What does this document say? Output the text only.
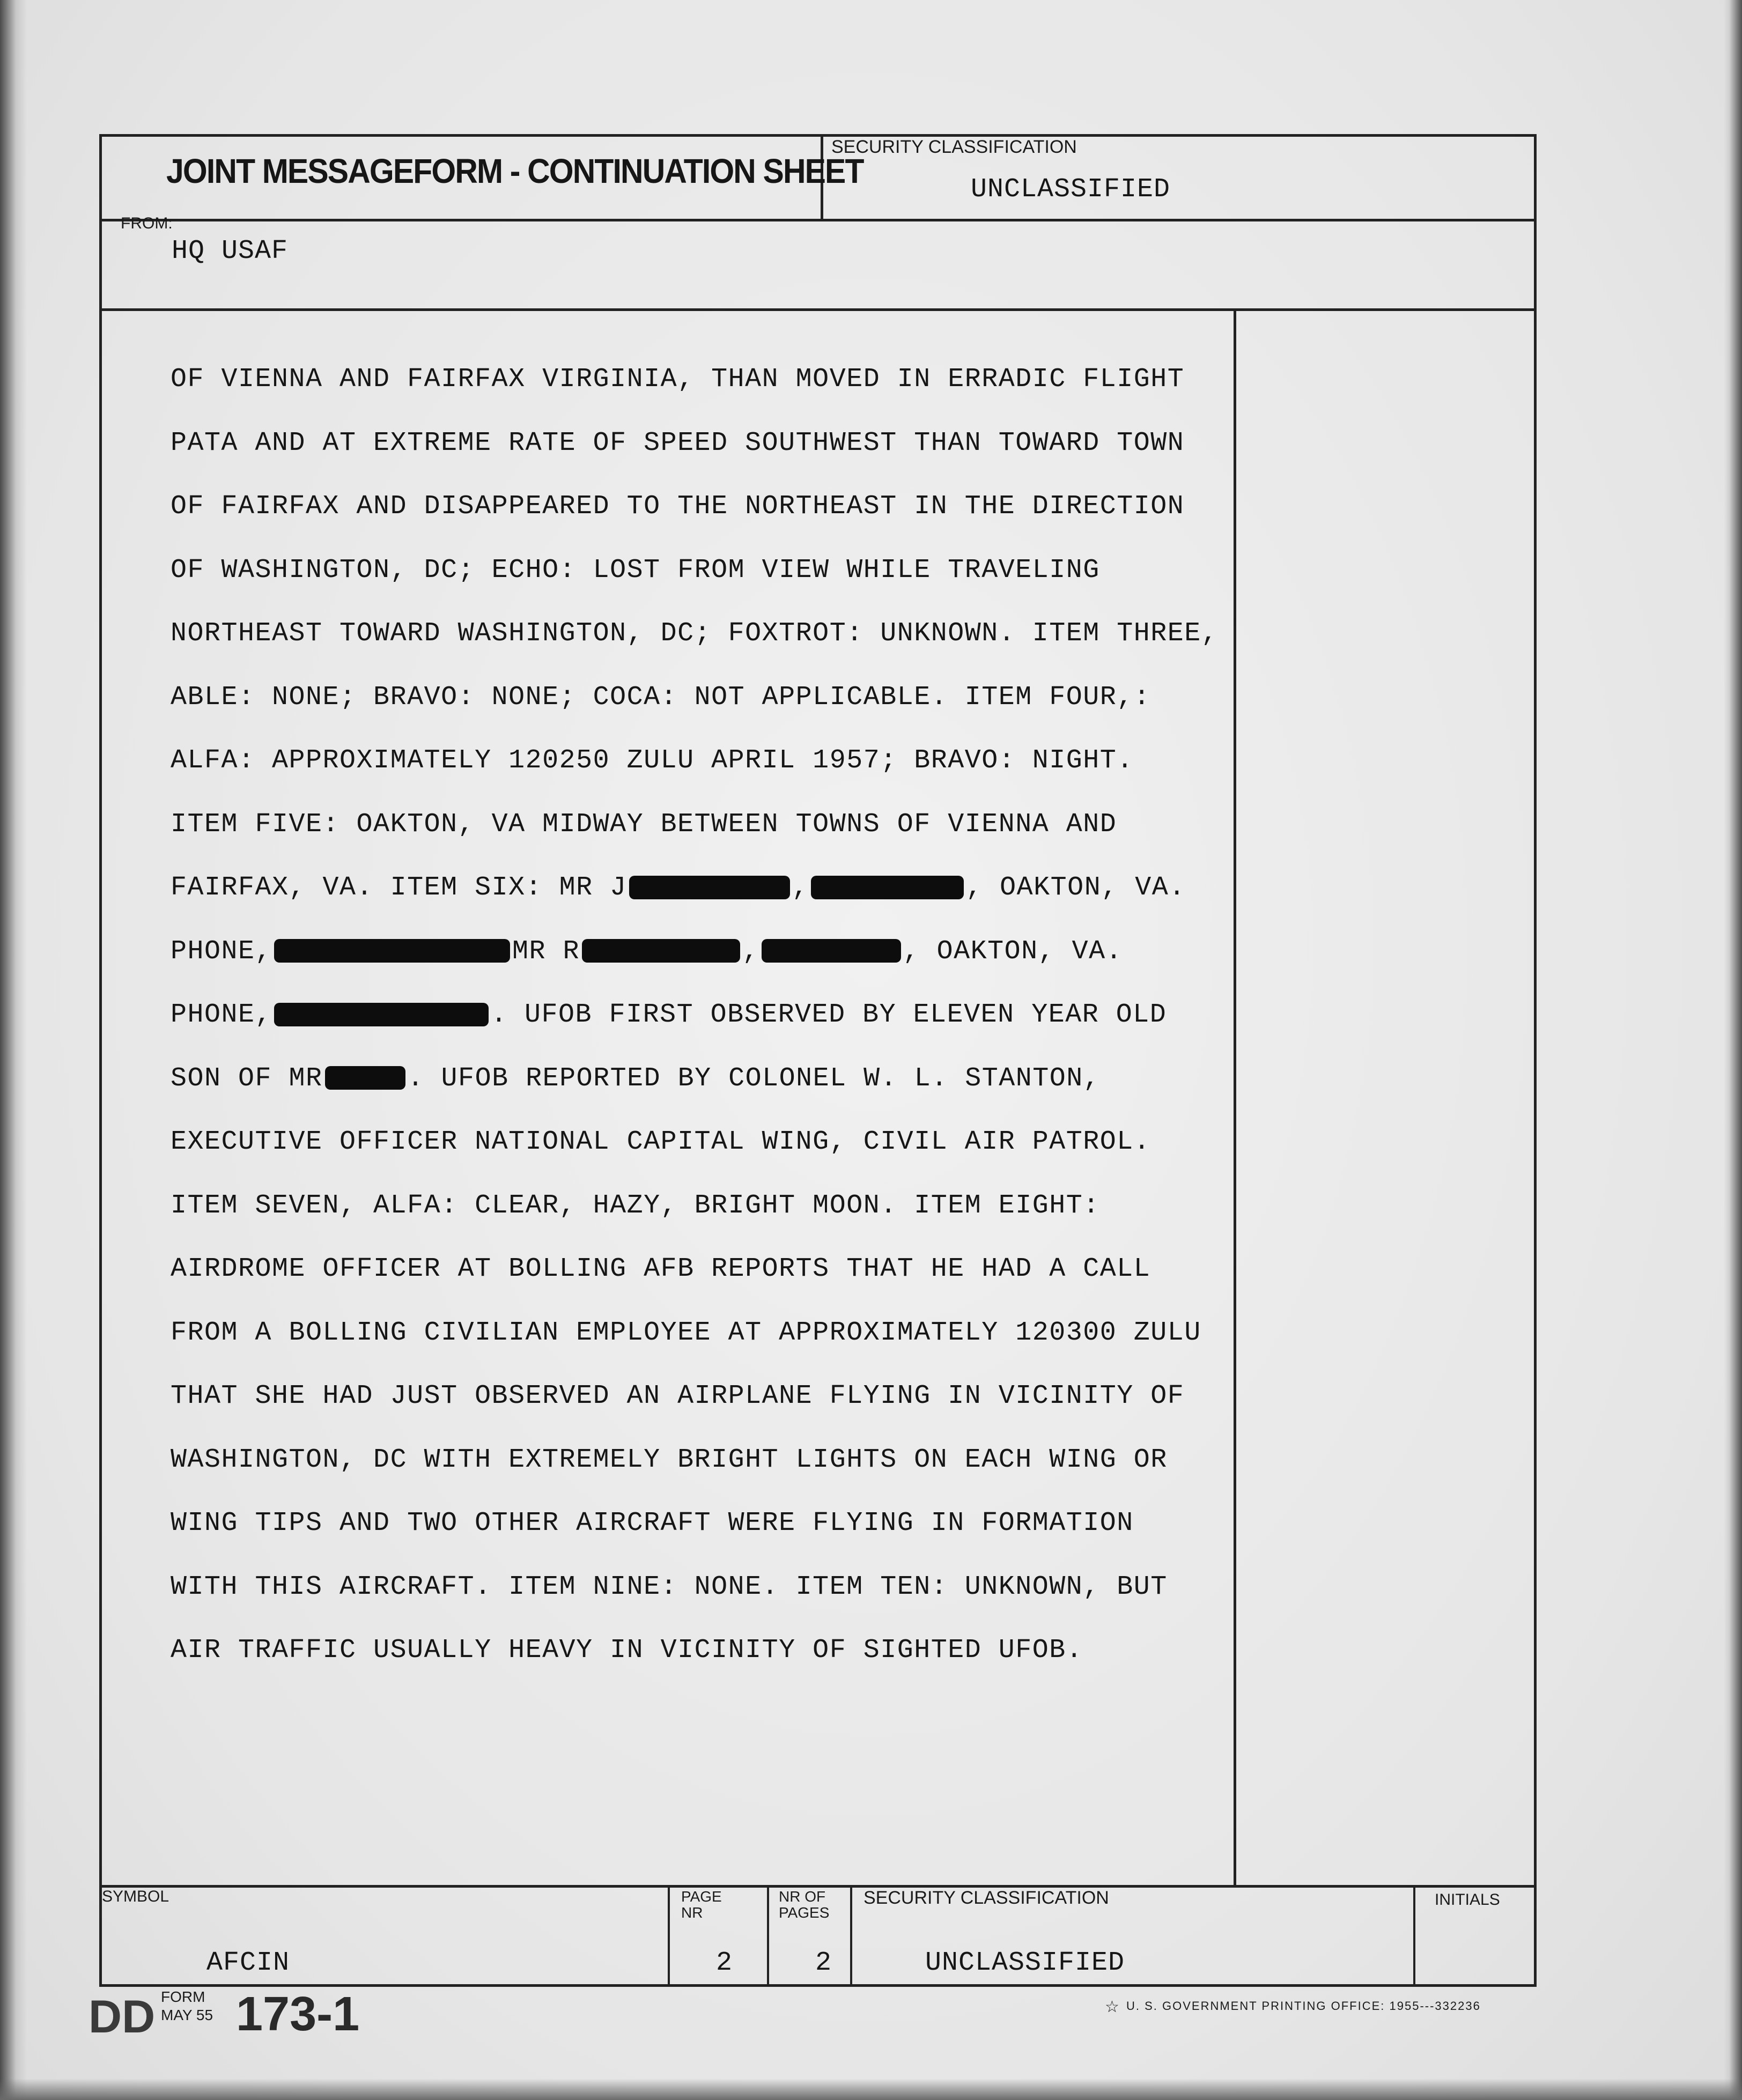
JOINT MESSAGEFORM - CONTINUATION SHEET
SECURITY CLASSIFICATION
UNCLASSIFIED
FROM:
HQ USAF
OF VIENNA AND FAIRFAX VIRGINIA, THAN MOVED IN ERRADIC FLIGHT
PATA AND AT EXTREME RATE OF SPEED SOUTHWEST THAN TOWARD TOWN
OF FAIRFAX AND DISAPPEARED TO THE NORTHEAST IN THE DIRECTION
OF WASHINGTON, DC; ECHO: LOST FROM VIEW WHILE TRAVELING
NORTHEAST TOWARD WASHINGTON, DC; FOXTROT: UNKNOWN. ITEM THREE,
ABLE: NONE; BRAVO: NONE; COCA: NOT APPLICABLE. ITEM FOUR,:
ALFA: APPROXIMATELY 120250 ZULU APRIL 1957; BRAVO: NIGHT.
ITEM FIVE: OAKTON, VA MIDWAY BETWEEN TOWNS OF VIENNA AND
FAIRFAX, VA. ITEM SIX: MR J	,	, OAKTON, VA.
PHONE,	MR R	,	, OAKTON, VA.
PHONE,	. UFOB FIRST OBSERVED BY ELEVEN YEAR OLD
SON OF MR	. UFOB REPORTED BY COLONEL W. L. STANTON,
EXECUTIVE OFFICER NATIONAL CAPITAL WING, CIVIL AIR PATROL.
ITEM SEVEN, ALFA: CLEAR, HAZY, BRIGHT MOON. ITEM EIGHT:
AIRDROME OFFICER AT BOLLING AFB REPORTS THAT HE HAD A CALL
FROM A BOLLING CIVILIAN EMPLOYEE AT APPROXIMATELY 120300 ZULU
THAT SHE HAD JUST OBSERVED AN AIRPLANE FLYING IN VICINITY OF
WASHINGTON, DC WITH EXTREMELY BRIGHT LIGHTS ON EACH WING OR
WING TIPS AND TWO OTHER AIRCRAFT WERE FLYING IN FORMATION
WITH THIS AIRCRAFT. ITEM NINE: NONE. ITEM TEN: UNKNOWN, BUT
AIR TRAFFIC USUALLY HEAVY IN VICINITY OF SIGHTED UFOB.
SYMBOL
AFCIN
PAGE NR
2
NR OF PAGES
2
SECURITY CLASSIFICATION
UNCLASSIFIED
INITIALS
DD FORM
MAY 55 173-1	☆ U. S. GOVERNMENT PRINTING OFFICE: 1955---332236
